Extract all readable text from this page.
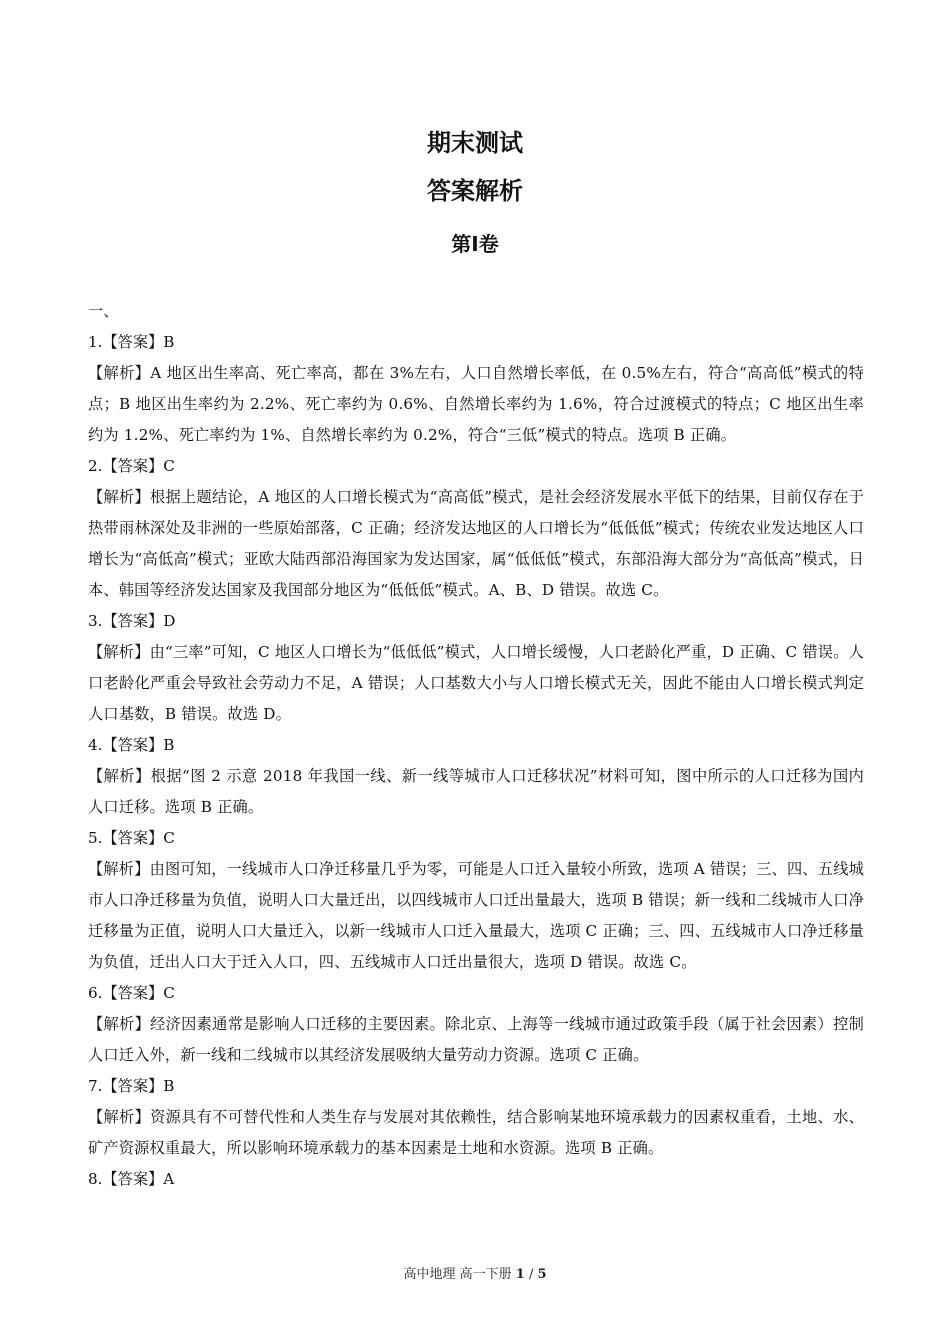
期末测试
答案解析
第Ⅰ卷
一、
1.【答案】B
【解析】A 地区出生率高、死亡率高，都在 3%左右，人口自然增长率低，在 0.5%左右，符合“高高低”模式的特点；B 地区出生率约为 2.2%、死亡率约为 0.6%、自然增长率约为 1.6%，符合过渡模式的特点；C 地区出生率约为 1.2%、死亡率约为 1%、自然增长率约为 0.2%，符合“三低”模式的特点。选项 B 正确。
2.【答案】C
【解析】根据上题结论，A 地区的人口增长模式为“高高低”模式，是社会经济发展水平低下的结果，目前仅存在于热带雨林深处及非洲的一些原始部落，C 正确；经济发达地区的人口增长为“低低低”模式；传统农业发达地区人口增长为“高低高”模式；亚欧大陆西部沿海国家为发达国家，属“低低低”模式，东部沿海大部分为“高低高”模式，日本、韩国等经济发达国家及我国部分地区为“低低低”模式。A、B、D 错误。故选 C。
3.【答案】D
【解析】由“三率”可知，C 地区人口增长为“低低低”模式，人口增长缓慢，人口老龄化严重，D 正确、C 错误。人口老龄化严重会导致社会劳动力不足，A 错误；人口基数大小与人口增长模式无关，因此不能由人口增长模式判定人口基数，B 错误。故选 D。
4.【答案】B
【解析】根据“图 2 示意 2018 年我国一线、新一线等城市人口迁移状况”材料可知，图中所示的人口迁移为国内人口迁移。选项 B 正确。
5.【答案】C
【解析】由图可知，一线城市人口净迁移量几乎为零，可能是人口迁入量较小所致，选项 A 错误；三、四、五线城市人口净迁移量为负值，说明人口大量迁出，以四线城市人口迁出量最大，选项 B 错误；新一线和二线城市人口净迁移量为正值，说明人口大量迁入，以新一线城市人口迁入量最大，选项 C 正确；三、四、五线城市人口净迁移量为负值，迁出人口大于迁入人口，四、五线城市人口迁出量很大，选项 D 错误。故选 C。
6.【答案】C
【解析】经济因素通常是影响人口迁移的主要因素。除北京、上海等一线城市通过政策手段（属于社会因素）控制人口迁入外，新一线和二线城市以其经济发展吸纳大量劳动力资源。选项 C 正确。
7.【答案】B
【解析】资源具有不可替代性和人类生存与发展对其依赖性，结合影响某地环境承载力的因素权重看，土地、水、矿产资源权重最大，所以影响环境承载力的基本因素是土地和水资源。选项 B 正确。
8.【答案】A
高中地理 高一下册 1 / 5
